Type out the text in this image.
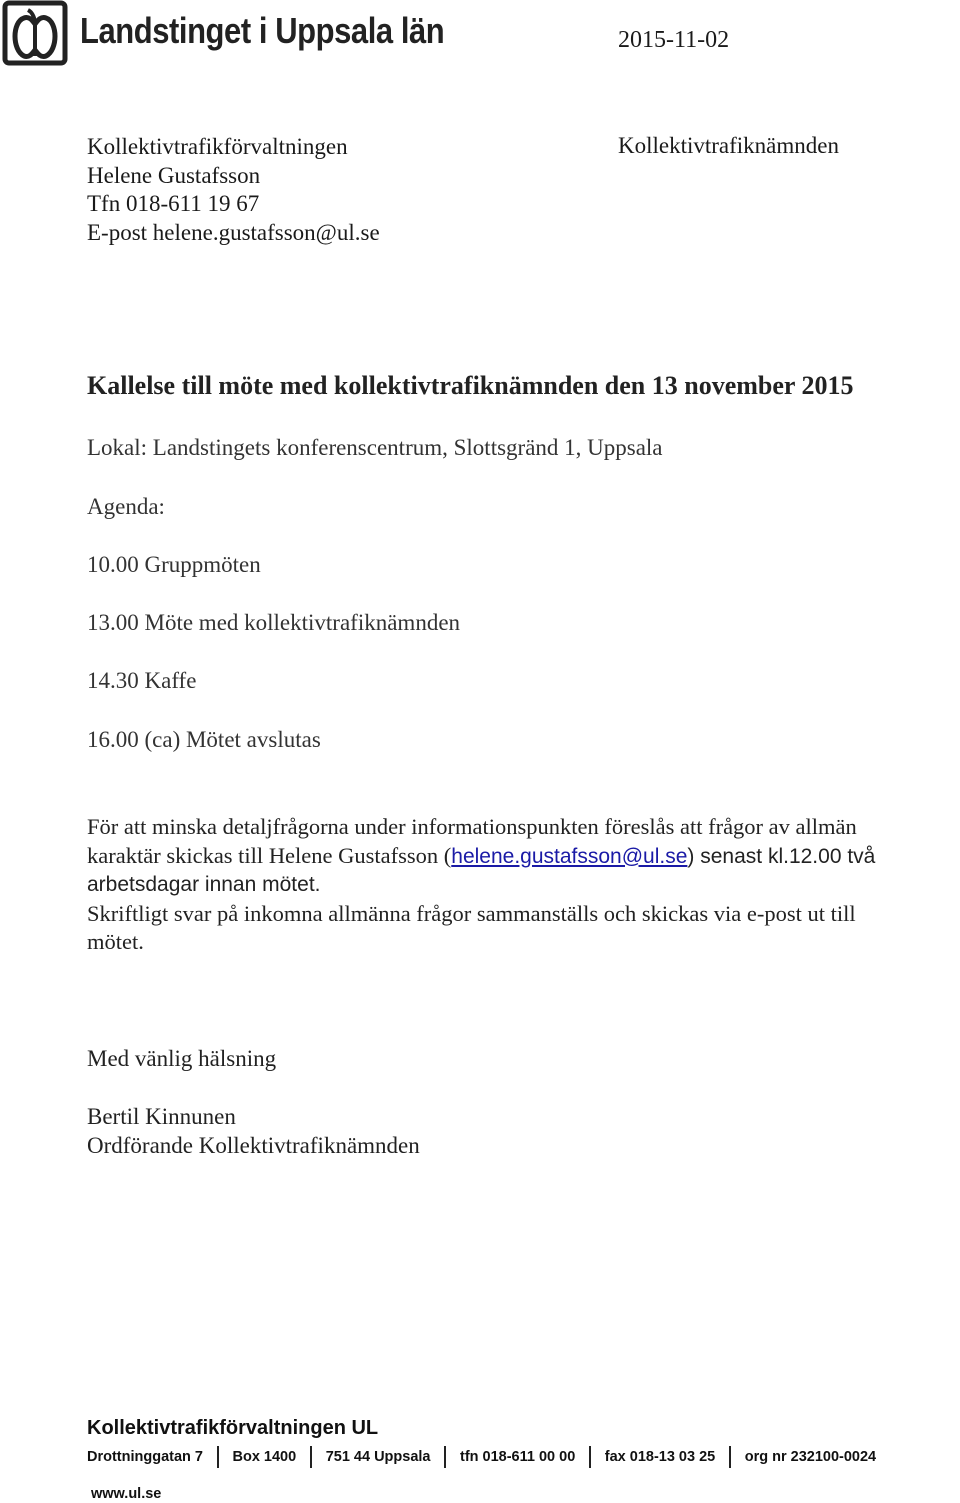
Landstinget i Uppsala län	2015-11-02
Kollektivtrafikförvaltningen
Helene Gustafsson
Tfn 018-611 19 67
E-post helene.gustafsson@ul.se
Kollektivtrafiknämnden
Kallelse till möte med kollektivtrafiknämnden den 13 november 2015
Lokal: Landstingets konferenscentrum, Slottsgränd 1, Uppsala
Agenda:
10.00 Gruppmöten
13.00 Möte med kollektivtrafiknämnden
14.30 Kaffe
16.00 (ca) Mötet avslutas
För att minska detaljfrågorna under informationspunkten föreslås att frågor av allmän
karaktär skickas till Helene Gustafsson (helene.gustafsson@ul.se) senast kl.12.00 två
arbetsdagar innan mötet.
Skriftligt svar på inkomna allmänna frågor sammanställs och skickas via e-post ut till
mötet.
Med vänlig hälsning
Bertil Kinnunen
Ordförande Kollektivtrafiknämnden
Kollektivtrafikförvaltningen UL
Drottninggatan 7 Box 1400 751 44 Uppsala tfn 018-611 00 00 fax 018-13 03 25 org nr 232100-0024
www.ul.se
